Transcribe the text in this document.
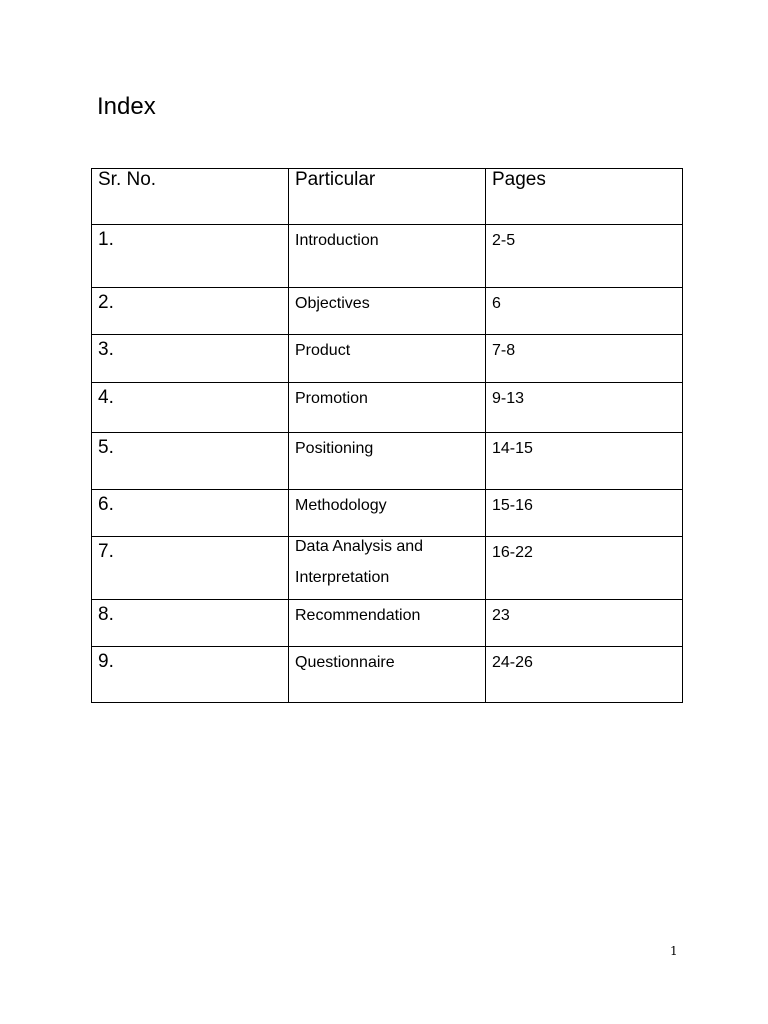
Index
Sr. No.	Particular	Pages
1.	Introduction	2-5
2.	Objectives	6
3.	Product	7-8
4.	Promotion	9-13
5.	Positioning	14-15
6.	Methodology	15-16
7.	Data Analysis and Interpretation	16-22
8.	Recommendation	23
9.	Questionnaire	24-26
1
